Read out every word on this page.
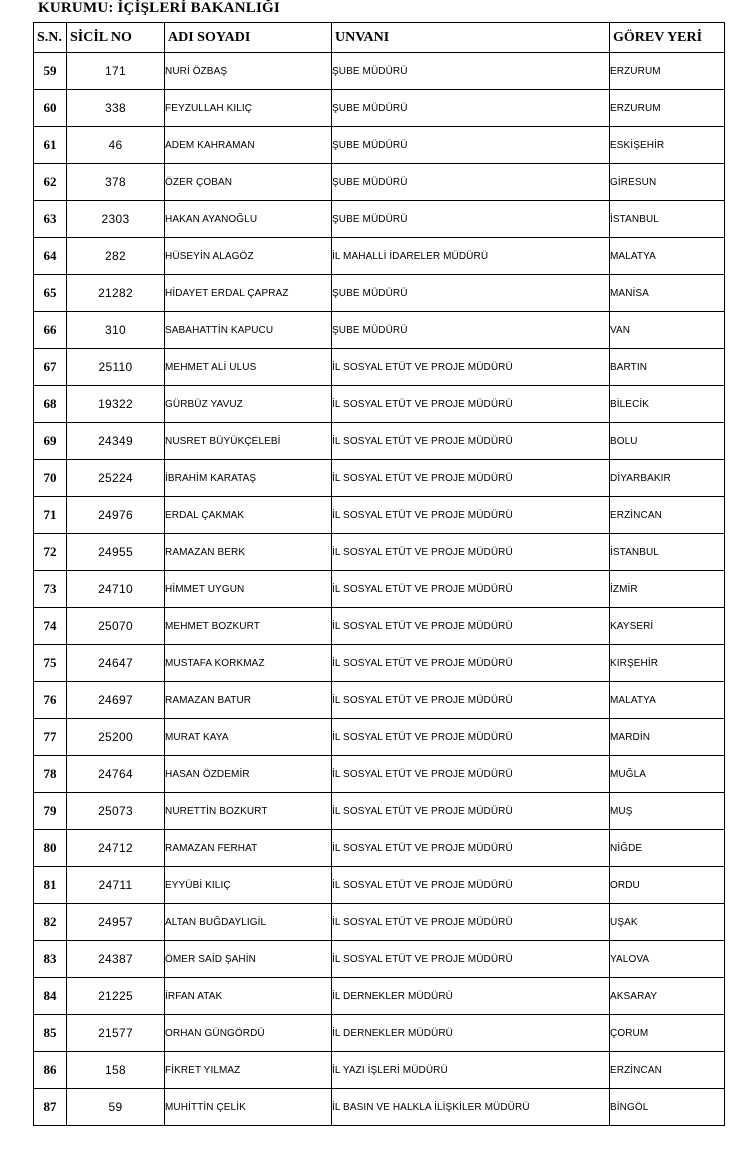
KURUMU: İÇİŞLERİ BAKANLIĞI
S.N.	SİCİL NO	ADI SOYADI	UNVANI	GÖREV YERİ
59	171	NURİ ÖZBAŞ	ŞUBE MÜDÜRÜ	ERZURUM
60	338	FEYZULLAH KILIÇ	ŞUBE MÜDÜRÜ	ERZURUM
61	46	ADEM KAHRAMAN	ŞUBE MÜDÜRÜ	ESKİŞEHİR
62	378	ÖZER ÇOBAN	ŞUBE MÜDÜRÜ	GİRESUN
63	2303	HAKAN AYANOĞLU	ŞUBE MÜDÜRÜ	İSTANBUL
64	282	HÜSEYİN ALAGÖZ	İL MAHALLİ İDARELER MÜDÜRÜ	MALATYA
65	21282	HİDAYET ERDAL ÇAPRAZ	ŞUBE MÜDÜRÜ	MANİSA
66	310	SABAHATTİN KAPUCU	ŞUBE MÜDÜRÜ	VAN
67	25110	MEHMET ALİ ULUS	İL SOSYAL ETÜT VE PROJE MÜDÜRÜ	BARTIN
68	19322	GÜRBÜZ YAVUZ	İL SOSYAL ETÜT VE PROJE MÜDÜRÜ	BİLECİK
69	24349	NUSRET BÜYÜKÇELEBİ	İL SOSYAL ETÜT VE PROJE MÜDÜRÜ	BOLU
70	25224	İBRAHİM KARATAŞ	İL SOSYAL ETÜT VE PROJE MÜDÜRÜ	DİYARBAKIR
71	24976	ERDAL ÇAKMAK	İL SOSYAL ETÜT VE PROJE MÜDÜRÜ	ERZİNCAN
72	24955	RAMAZAN BERK	İL SOSYAL ETÜT VE PROJE MÜDÜRÜ	İSTANBUL
73	24710	HİMMET UYGUN	İL SOSYAL ETÜT VE PROJE MÜDÜRÜ	İZMİR
74	25070	MEHMET BOZKURT	İL SOSYAL ETÜT VE PROJE MÜDÜRÜ	KAYSERİ
75	24647	MUSTAFA KORKMAZ	İL SOSYAL ETÜT VE PROJE MÜDÜRÜ	KIRŞEHİR
76	24697	RAMAZAN BATUR	İL SOSYAL ETÜT VE PROJE MÜDÜRÜ	MALATYA
77	25200	MURAT KAYA	İL SOSYAL ETÜT VE PROJE MÜDÜRÜ	MARDİN
78	24764	HASAN ÖZDEMİR	İL SOSYAL ETÜT VE PROJE MÜDÜRÜ	MUĞLA
79	25073	NURETTİN BOZKURT	İL SOSYAL ETÜT VE PROJE MÜDÜRÜ	MUŞ
80	24712	RAMAZAN FERHAT	İL SOSYAL ETÜT VE PROJE MÜDÜRÜ	NİĞDE
81	24711	EYYÜBİ KILIÇ	İL SOSYAL ETÜT VE PROJE MÜDÜRÜ	ORDU
82	24957	ALTAN BUĞDAYLIGİL	İL SOSYAL ETÜT VE PROJE MÜDÜRÜ	UŞAK
83	24387	ÖMER SAİD ŞAHİN	İL SOSYAL ETÜT VE PROJE MÜDÜRÜ	YALOVA
84	21225	İRFAN ATAK	İL DERNEKLER MÜDÜRÜ	AKSARAY
85	21577	ORHAN GÜNGÖRDÜ	İL DERNEKLER MÜDÜRÜ	ÇORUM
86	158	FİKRET YILMAZ	İL YAZI İŞLERİ MÜDÜRÜ	ERZİNCAN
87	59	MUHİTTİN ÇELİK	İL BASIN VE HALKLA İLİŞKİLER MÜDÜRÜ	BİNGÖL
